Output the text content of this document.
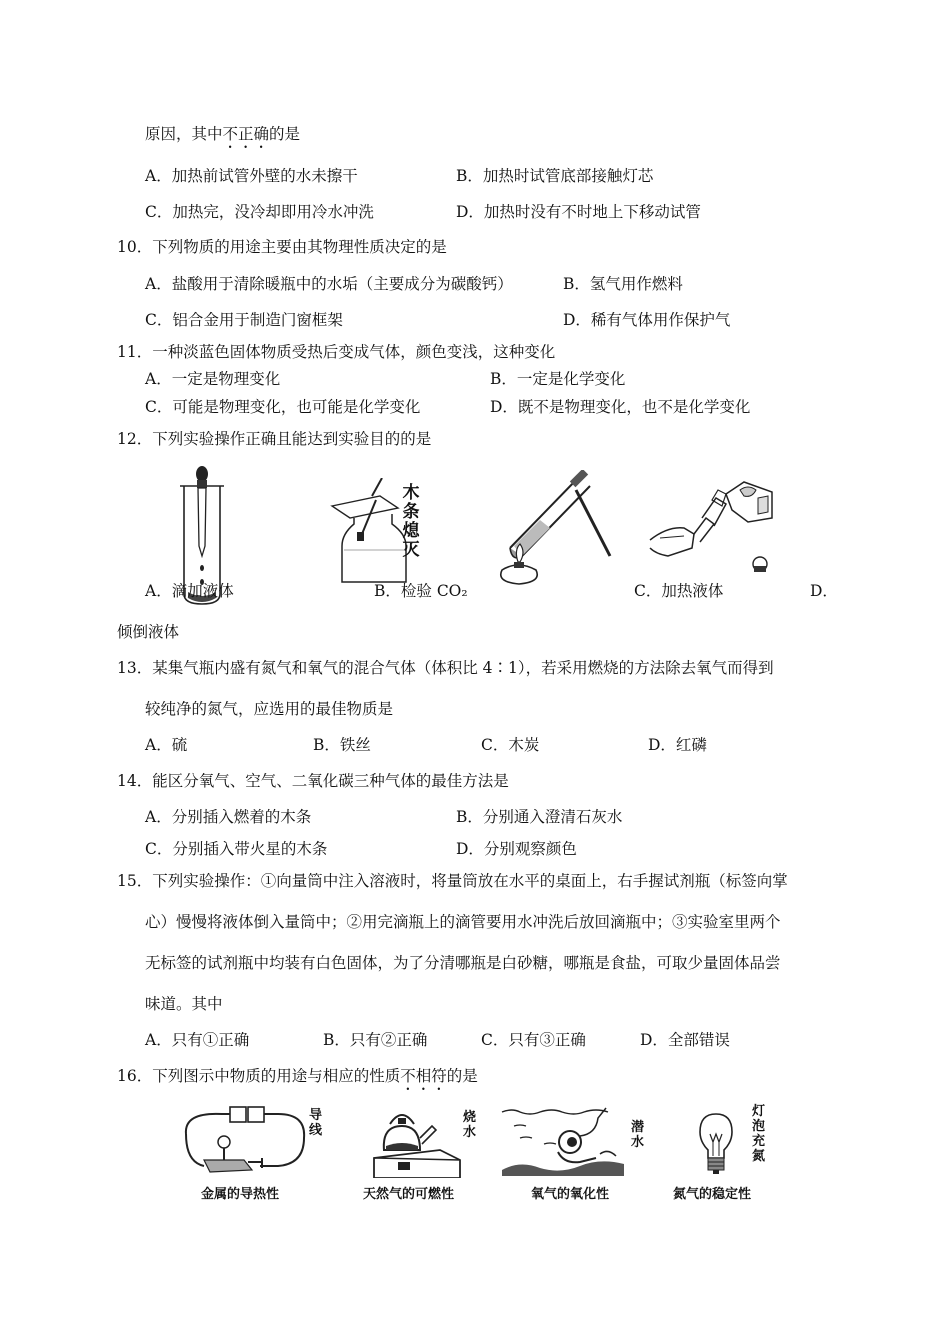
原因，其中不正确的是
A．加热前试管外壁的水未擦干	B．加热时试管底部接触灯芯
C．加热完，没冷却即用冷水冲洗	D．加热时没有不时地上下移动试管
10．下列物质的用途主要由其物理性质决定的是
A．盐酸用于清除暖瓶中的水垢（主要成分为碳酸钙）	B．氢气用作燃料
C．铝合金用于制造门窗框架	D．稀有气体用作保护气
11．一种淡蓝色固体物质受热后变成气体，颜色变浅，这种变化
A．一定是物理变化	B．一定是化学变化
C．可能是物理变化，也可能是化学变化	D．既不是物理变化，也不是化学变化
12．下列实验操作正确且能达到实验目的的是
木
条
熄
灭
A．滴加液体	B．检验 CO₂	C．加热液体	D．
倾倒液体
13．某集气瓶内盛有氮气和氧气的混合气体（体积比 4∶1），若采用燃烧的方法除去氧气而得到
较纯净的氮气，应选用的最佳物质是
A．硫	B．铁丝	C．木炭	D．红磷
14．能区分氧气、空气、二氧化碳三种气体的最佳方法是
A．分别插入燃着的木条	B．分别通入澄清石灰水
C．分别插入带火星的木条	D．分别观察颜色
15．下列实验操作：①向量筒中注入溶液时，将量筒放在水平的桌面上，右手握试剂瓶（标签向掌
心）慢慢将液体倒入量筒中；②用完滴瓶上的滴管要用水冲洗后放回滴瓶中；③实验室里两个
无标签的试剂瓶中均装有白色固体，为了分清哪瓶是白砂糖，哪瓶是食盐，可取少量固体品尝
味道。其中
A．只有①正确	B．只有②正确	C．只有③正确	D．全部错误
16．下列图示中物质的用途与相应的性质不相符的是
导
线
金属的导热性
烧
水
天然气的可燃性
潜
水
氧气的氧化性
灯
泡
充
氮
氮气的稳定性
